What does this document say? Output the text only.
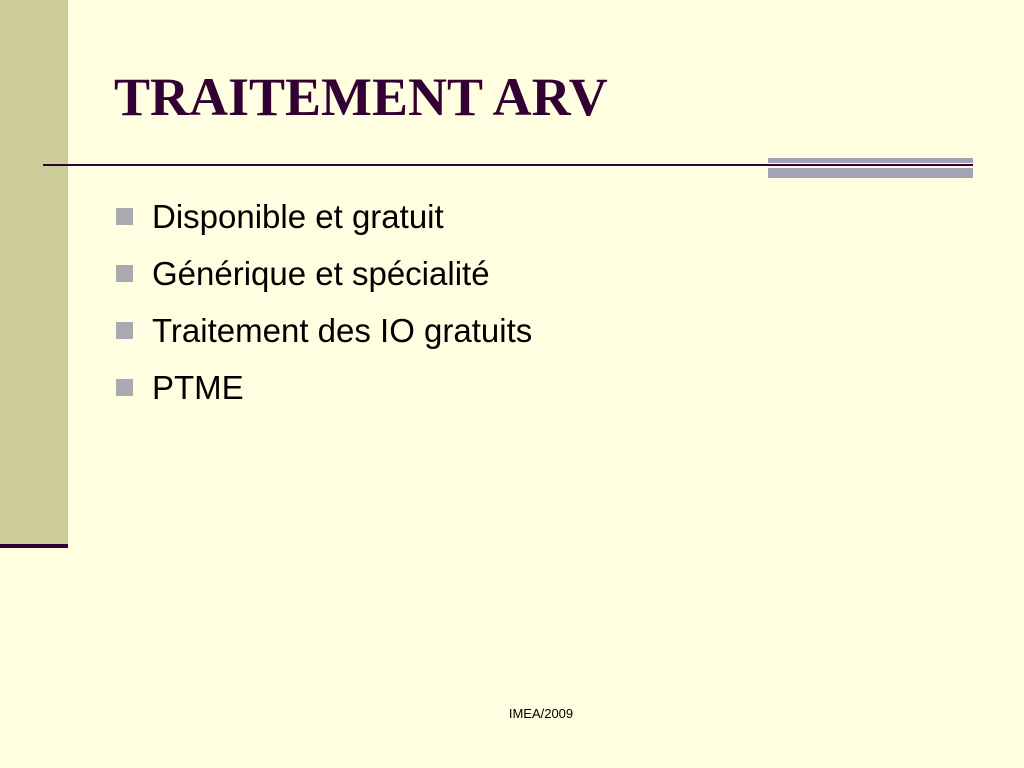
TRAITEMENT ARV
Disponible et gratuit
Générique et spécialité
Traitement des IO gratuits
PTME
IMEA/2009
